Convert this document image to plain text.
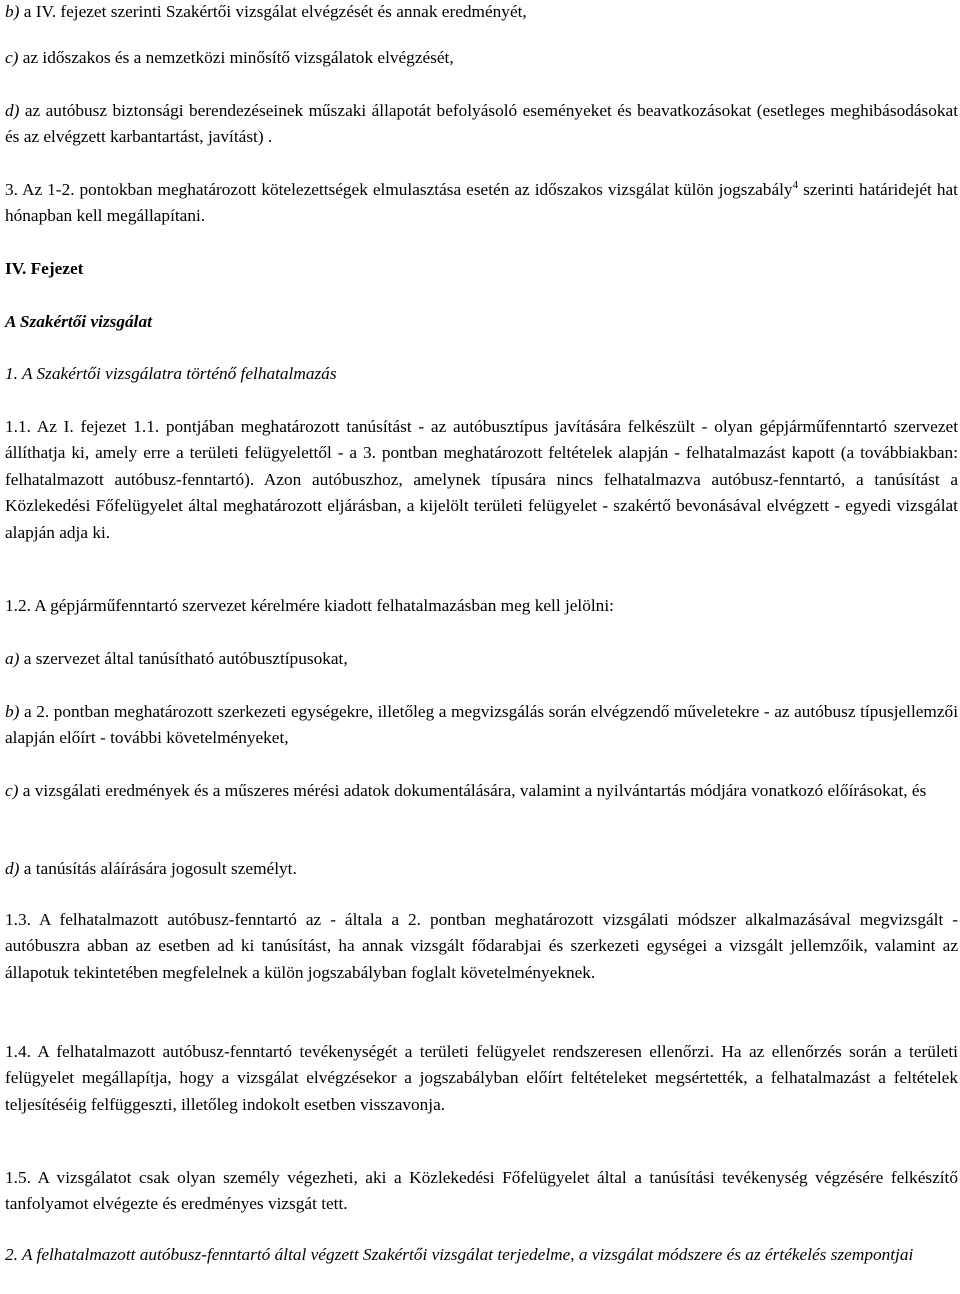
b) a IV. fejezet szerinti Szakértői vizsgálat elvégzését és annak eredményét,

c) az időszakos és a nemzetközi minősítő vizsgálatok elvégzését,

d) az autóbusz biztonsági berendezéseinek műszaki állapotát befolyásoló eseményeket és beavatkozásokat (esetleges meghibásodásokat és az elvégzett karbantartást, javítást) .

3. Az 1-2. pontokban meghatározott kötelezettségek elmulasztása esetén az időszakos vizsgálat külön jogszabály$^4$ szerinti határidejét hat hónapban kell megállapítani.

IV. Fejezet

A Szakértői vizsgálat

1. A Szakértői vizsgálatra történő felhatalmazás

1.1. Az I. fejezet 1.1. pontjában meghatározott tanúsítást - az autóbusztípus javítására felkészült - olyan gépjárműfenntartó szervezet állíthatja ki, amely erre a területi felügyelettől - a 3. pontban meghatározott feltételek alapján - felhatalmazást kapott (a továbbiakban: felhatalmazott autóbusz-fenntartó). Azon autóbuszhoz, amelynek típusára nincs felhatalmazva autóbusz-fenntartó, a tanúsítást a Közlekedési Főfelügyelet által meghatározott eljárásban, a kijelölt területi felügyelet - szakértő bevonásával elvégzett - egyedi vizsgálat alapján adja ki.

1.2. A gépjárműfenntartó szervezet kérelmére kiadott felhatalmazásban meg kell jelölni:

a) a szervezet által tanúsítható autóbusztípusokat,

b) a 2. pontban meghatározott szerkezeti egységekre, illetőleg a megvizsgálás során elvégzendő műveletekre - az autóbusz típusjellemzői alapján előírt - további követelményeket,

c) a vizsgálati eredmények és a műszeres mérési adatok dokumentálására, valamint a nyilvántartás módjára vonatkozó előírásokat, és

d) a tanúsítás aláírására jogosult személyt.

1.3. A felhatalmazott autóbusz-fenntartó az - általa a 2. pontban meghatározott vizsgálati módszer alkalmazásával megvizsgált - autóbuszra abban az esetben ad ki tanúsítást, ha annak vizsgált fődarabjai és szerkezeti egységei a vizsgált jellemzőik, valamint az állapotuk tekintetében megfelelnek a külön jogszabályban foglalt követelményeknek.

1.4. A felhatalmazott autóbusz-fenntartó tevékenységét a területi felügyelet rendszeresen ellenőrzi. Ha az ellenőrzés során a területi felügyelet megállapítja, hogy a vizsgálat elvégzésekor a jogszabályban előírt feltételeket megsértették, a felhatalmazást a feltételek teljesítéséig felfüggeszti, illetőleg indokolt esetben visszavonja.

1.5. A vizsgálatot csak olyan személy végezheti, aki a Közlekedési Főfelügyelet által a tanúsítási tevékenység végzésére felkészítő tanfolyamot elvégezte és eredményes vizsgát tett.

2. A felhatalmazott autóbusz-fenntartó által végzett Szakértői vizsgálat terjedelme, a vizsgálat módszere és az értékelés szempontjai
